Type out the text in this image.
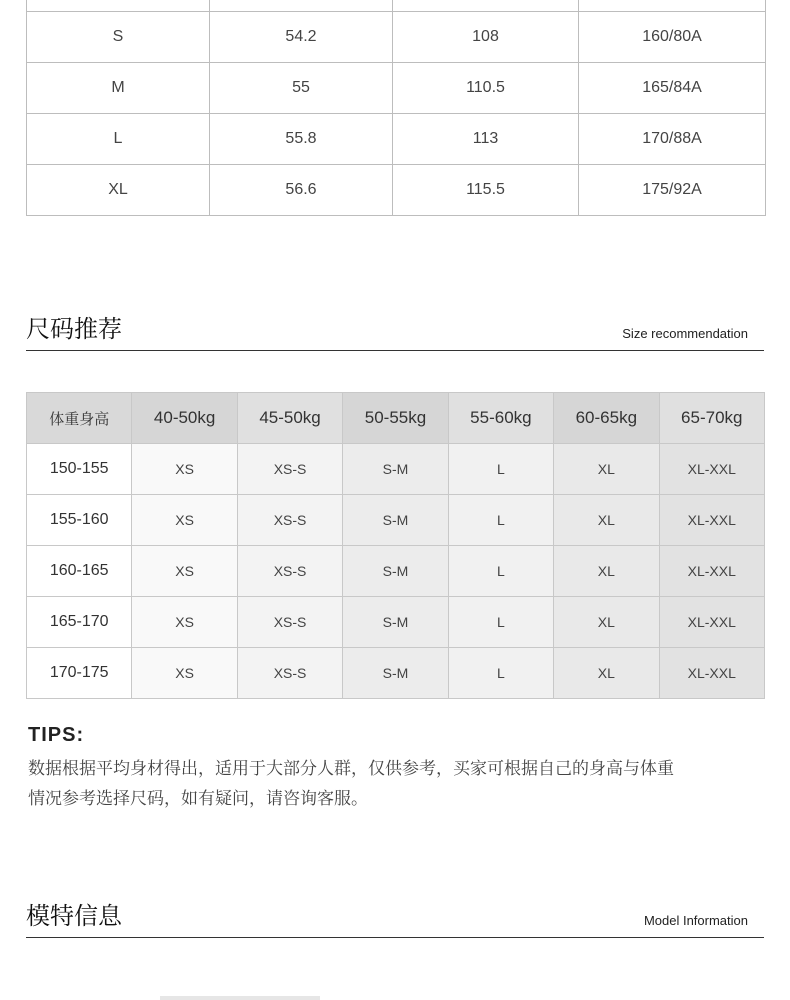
S	54.2	108	160/80A
M	55	110.5	165/84A
L	55.8	113	170/88A
XL	56.6	115.5	175/92A
尺码推荐	Size recommendation
体重身高	40-50kg	45-50kg	50-55kg	55-60kg	60-65kg	65-70kg
150-155	XS	XS-S	S-M	L	XL	XL-XXL
155-160	XS	XS-S	S-M	L	XL	XL-XXL
160-165	XS	XS-S	S-M	L	XL	XL-XXL
165-170	XS	XS-S	S-M	L	XL	XL-XXL
170-175	XS	XS-S	S-M	L	XL	XL-XXL
TIPS:
数据根据平均身材得出，适用于大部分人群，仅供参考，买家可根据自己的身高与体重
情况参考选择尺码，如有疑问，请咨询客服。
模特信息	Model Information
